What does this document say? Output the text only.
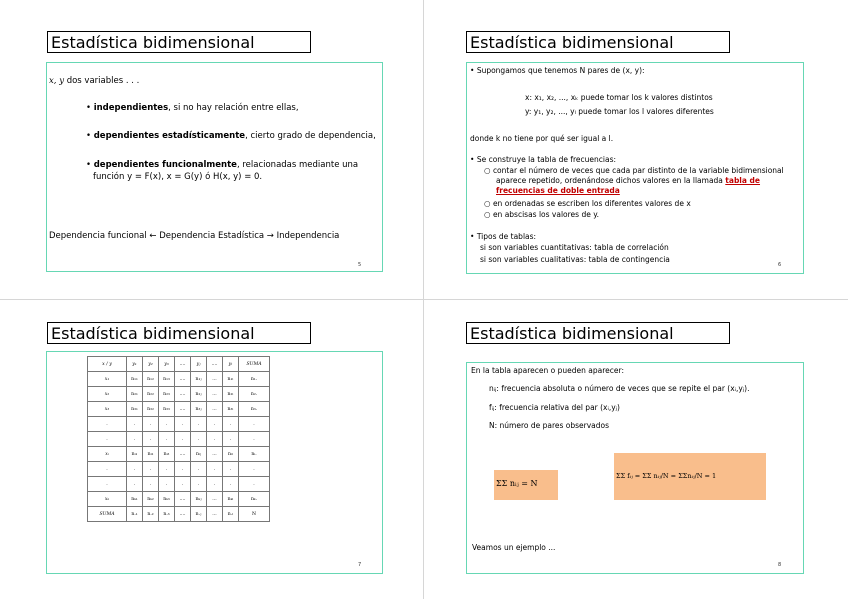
Estadística bidimensional
x, y dos variables . . .
• independientes, si no hay relación entre ellas,
• dependientes estadísticamente, cierto grado de dependencia,
• dependientes funcionalmente, relacionadas mediante una
función y = F(x), x = G(y) ó H(x, y) = 0.
Dependencia funcional ← Dependencia Estadística → Independencia
5
Estadística bidimensional
• Supongamos que tenemos N pares de (x, y):
x: x₁, x₂, ..., xₖ puede tomar los k valores distintos
y: y₁, y₂, ..., yₗ puede tomar los l valores diferentes
donde k no tiene por qué ser igual a l.
• Se construye la tabla de frecuencias:
○ contar el número de veces que cada par distinto de la variable bidimensional
aparece repetido, ordenándose dichos valores en la llamada tabla de
frecuencias de doble entrada
○ en ordenadas se escriben los diferentes valores de x
○ en abscisas los valores de y.
• Tipos de tablas:
si son variables cuantitativas: tabla de correlación
si son variables cualitativas: tabla de contingencia
6
Estadística bidimensional
x / y	y₁	y₂	y₃	....	yⱼ	....	yₗ	SUMA
x₁	n₁₁	n₁₂	n₁₃	....	n₁ⱼ	...	n₁ₗ	n₁.
x₂	n₂₁	n₂₂	n₂₃	....	n₂ⱼ	...	n₂ₗ	n₂.
x₃	n₃₁	n₃₂	n₃₃	....	n₃ⱼ	...	n₃ₗ	n₃.
.	.	.	.	.	.	.	.	.
.	.	.	.	.	.	.	.	.
xᵢ	nᵢ₁	nᵢ₂	nᵢ₃	....	nᵢⱼ	...	nᵢₗ	nᵢ.
.	.	.	.	.	.	.	.	.
.	.	.	.	.	.	.	.	.
xₖ	nₖ₁	nₖ₂	nₖ₃	....	nₖⱼ	...	nₖₗ	nₖ.
SUMA	n.₁	n.₂	n.₃	....	n.ⱼ	...	n.ₗ	N
7
Estadística bidimensional
En la tabla aparecen o pueden aparecer:
nᵢⱼ: frecuencia absoluta o número de veces que se repite el par (xᵢ,yⱼ).
fᵢⱼ: frecuencia relativa del par (xᵢ,yⱼ)
N: número de pares observados
ΣΣ nᵢⱼ = N
ΣΣ fᵢⱼ = ΣΣ nᵢⱼ/N = ΣΣnᵢⱼ/N = 1
Veamos un ejemplo ...
8
